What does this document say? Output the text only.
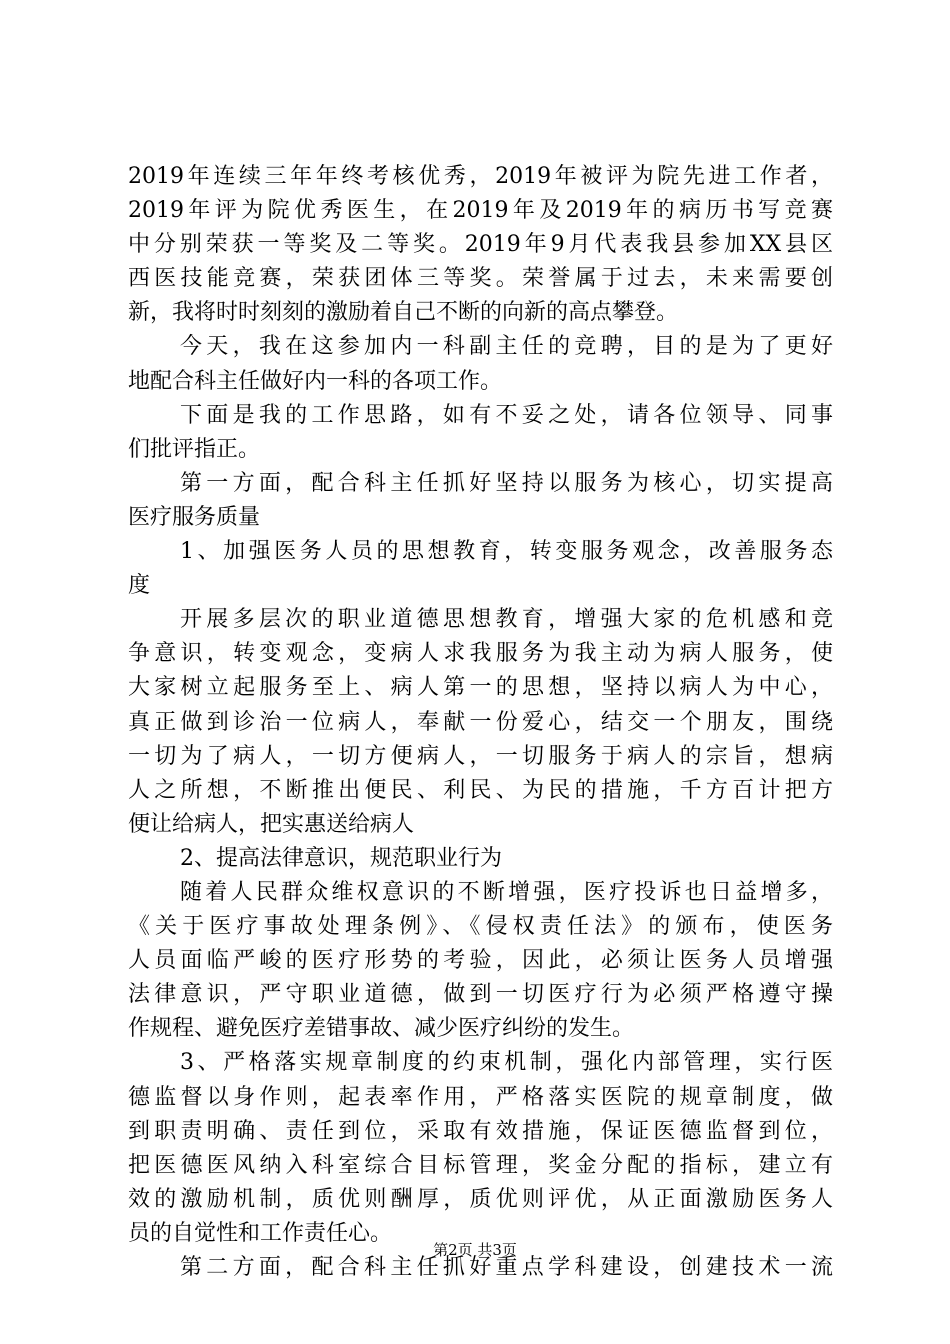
2019年连续三年年终考核优秀，2019年被评为院先进工作者，
2019年评为院优秀医生，在2019年及2019年的病历书写竞赛
中分别荣获一等奖及二等奖。2019年9月代表我县参加XX县区
西医技能竞赛，荣获团体三等奖。荣誉属于过去，未来需要创
新，我将时时刻刻的激励着自己不断的向新的高点攀登。
今天，我在这参加内一科副主任的竞聘，目的是为了更好
地配合科主任做好内一科的各项工作。
下面是我的工作思路，如有不妥之处，请各位领导、同事
们批评指正。
第一方面，配合科主任抓好坚持以服务为核心，切实提高
医疗服务质量
1、加强医务人员的思想教育，转变服务观念，改善服务态
度
开展多层次的职业道德思想教育，增强大家的危机感和竞
争意识，转变观念，变病人求我服务为我主动为病人服务，使
大家树立起服务至上、病人第一的思想，坚持以病人为中心，
真正做到诊治一位病人，奉献一份爱心，结交一个朋友，围绕
一切为了病人，一切方便病人，一切服务于病人的宗旨，想病
人之所想，不断推出便民、利民、为民的措施，千方百计把方
便让给病人，把实惠送给病人
2、提高法律意识，规范职业行为
随着人民群众维权意识的不断增强，医疗投诉也日益增多，
《关于医疗事故处理条例》、《侵权责任法》的颁布，使医务
人员面临严峻的医疗形势的考验，因此，必须让医务人员增强
法律意识，严守职业道德，做到一切医疗行为必须严格遵守操
作规程、避免医疗差错事故、减少医疗纠纷的发生。
3、严格落实规章制度的约束机制，强化内部管理，实行医
德监督以身作则，起表率作用，严格落实医院的规章制度，做
到职责明确、责任到位，采取有效措施，保证医德监督到位，
把医德医风纳入科室综合目标管理，奖金分配的指标，建立有
效的激励机制，质优则酬厚，质优则评优，从正面激励医务人
员的自觉性和工作责任心。
第二方面，配合科主任抓好重点学科建设，创建技术一流
第2页 共3页
